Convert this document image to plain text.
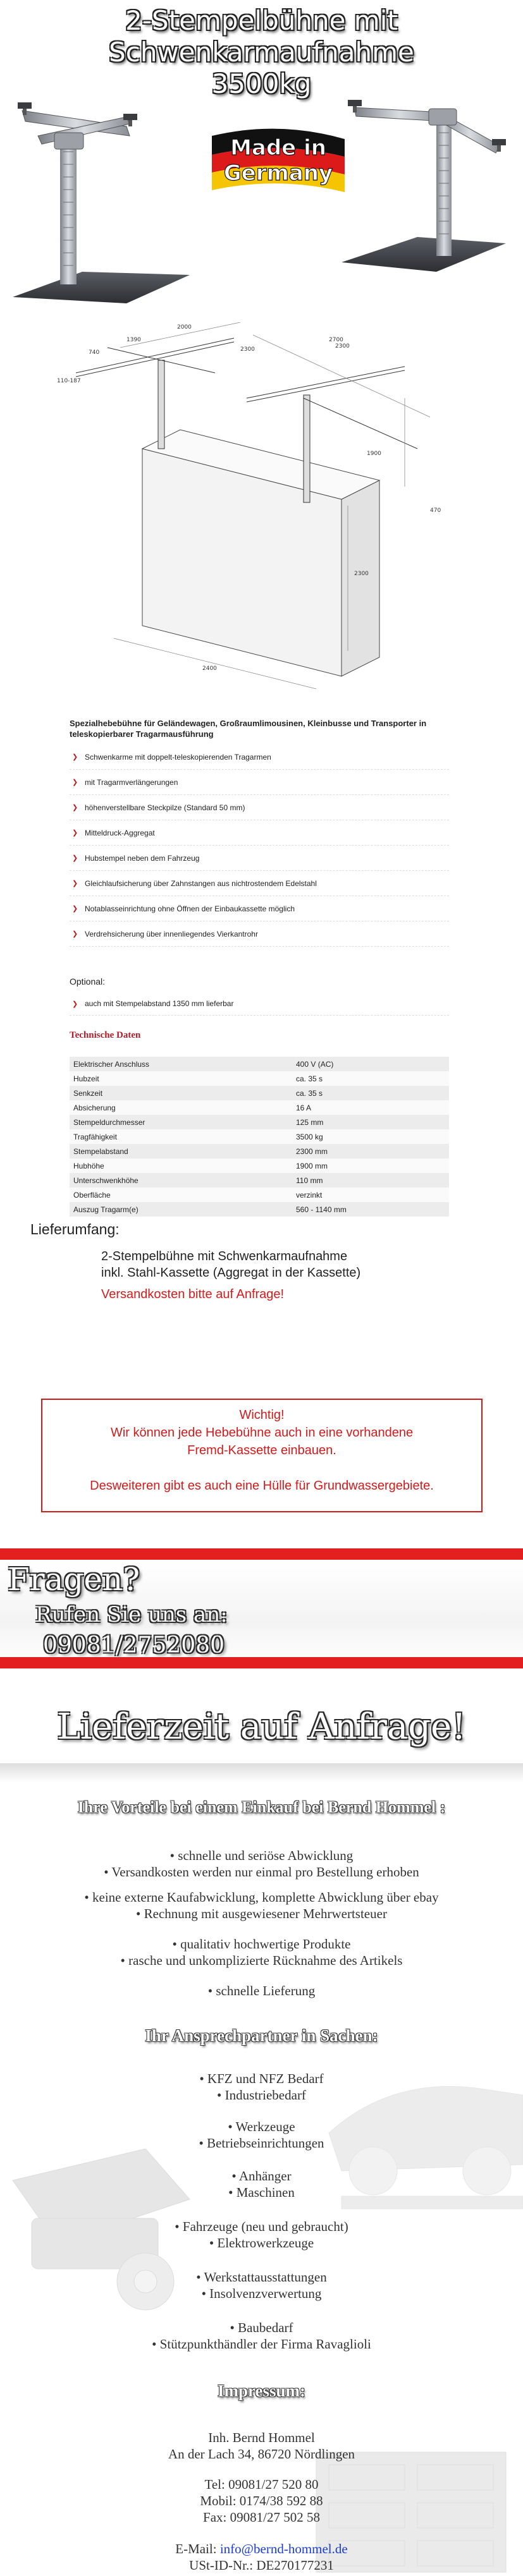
2-Stempelbühne mit Schwenkarmaufnahme
3500kg
Made in
Germany
2000
740
1390
110-187
2300
2700
2300
1900
2300
2400
470
Spezialhebebühne für Geländewagen, Großraumlimousinen, Kleinbusse und Transporter in teleskopierbarer Tragarmausführung
❯ Schwenkarme mit doppelt-teleskopierenden Tragarmen
❯ mit Tragarmverlängerungen
❯ höhenverstellbare Steckpilze (Standard 50 mm)
❯ Mitteldruck-Aggregat
❯ Hubstempel neben dem Fahrzeug
❯ Gleichlaufsicherung über Zahnstangen aus nichtrostendem Edelstahl
❯ Notablasseinrichtung ohne Öffnen der Einbaukassette möglich
❯ Verdrehsicherung über innenliegendes Vierkantrohr
Optional:
❯ auch mit Stempelabstand 1350 mm lieferbar
Technische Daten
Elektrischer Anschluss	400 V (AC)
Hubzeit	ca. 35 s
Senkzeit	ca. 35 s
Absicherung	16 A
Stempeldurchmesser	125 mm
Tragfähigkeit	3500 kg
Stempelabstand	2300 mm
Hubhöhe	1900 mm
Unterschwenkhöhe	110 mm
Oberfläche	verzinkt
Auszug Tragarm(e)	560 - 1140 mm
Lieferumfang:
2-Stempelbühne mit Schwenkarmaufnahme
inkl. Stahl-Kassette (Aggregat in der Kassette)
Versandkosten bitte auf Anfrage!
Wichtig!
Wir können jede Hebebühne auch in eine vorhandene
Fremd-Kassette einbauen.
Desweiteren gibt es auch eine Hülle für Grundwassergebiete.
Fragen?
Rufen Sie uns an:
09081/2752080
Lieferzeit auf Anfrage!
Ihre Vorteile bei einem Einkauf bei Bernd Hommel :
• schnelle und seriöse Abwicklung
• Versandkosten werden nur einmal pro Bestellung erhoben
• keine externe Kaufabwicklung, komplette Abwicklung über ebay
• Rechnung mit ausgewiesener Mehrwertsteuer
• qualitativ hochwertige Produkte
• rasche und unkomplizierte Rücknahme des Artikels
• schnelle Lieferung
Ihr Ansprechpartner in Sachen:
• KFZ und NFZ Bedarf
• Industriebedarf
• Werkzeuge
• Betriebseinrichtungen
• Anhänger
• Maschinen
• Fahrzeuge (neu und gebraucht)
• Elektrowerkzeuge
• Werkstattausstattungen
• Insolvenzverwertung
• Baubedarf
• Stützpunkthändler der Firma Ravaglioli
Impressum:
Inh. Bernd Hommel
An der Lach 34, 86720 Nördlingen
Tel: 09081/27 520 80
Mobil: 0174/38 592 88
Fax: 09081/27 502 58
E-Mail: info@bernd-hommel.de
USt-ID-Nr.: DE270177231
